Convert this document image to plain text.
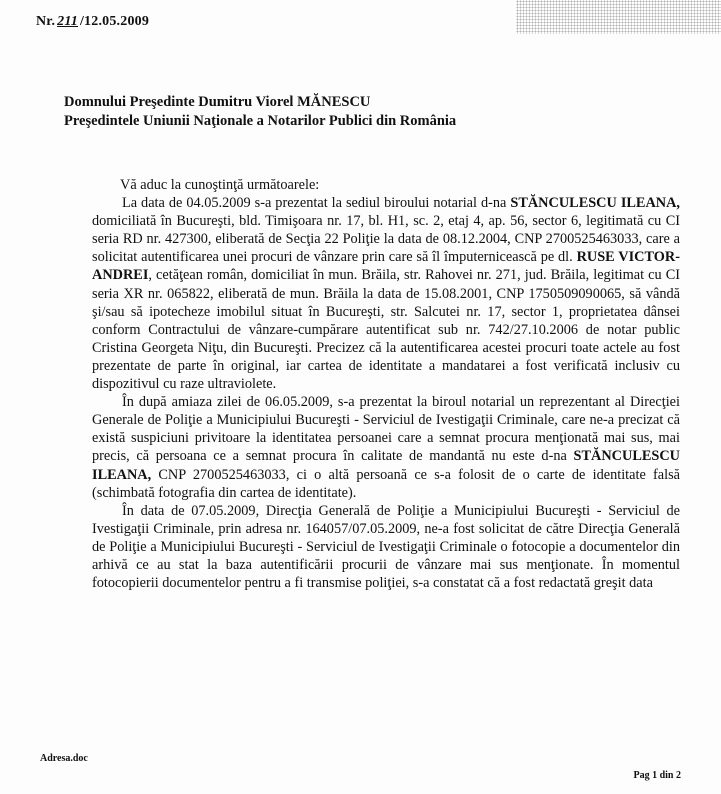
Nr. 211 /12.05.2009
Domnului Preşedinte Dumitru Viorel MĂNESCU
Preşedintele Uniunii Naţionale a Notarilor Publici din România

Vă aduc la cunoştinţă următoarele:

La data de 04.05.2009 s-a prezentat la sediul biroului notarial d-na STĂNCULESCU ILEANA, domiciliată în Bucureşti, bld. Timişoara nr. 17, bl. H1, sc. 2, etaj 4, ap. 56, sector 6, legitimată cu CI seria RD nr. 427300, eliberată de Secţia 22 Poliţie la data de 08.12.2004, CNP 2700525463033, care a solicitat autentificarea unei procuri de vânzare prin care să îl împuternicească pe dl. RUSE VICTOR-ANDREI, cetăţean român, domiciliat în mun. Brăila, str. Rahovei nr. 271, jud. Brăila, legitimat cu CI seria XR nr. 065822, eliberată de mun. Brăila la data de 15.08.2001, CNP 1750509090065, să vândă şi/sau să ipotecheze imobilul situat în Bucureşti, str. Salcutei nr. 17, sector 1, proprietatea dânsei conform Contractului de vânzare-cumpărare autentificat sub nr. 742/27.10.2006 de notar public Cristina Georgeta Niţu, din Bucureşti. Precizez că la autentificarea acestei procuri toate actele au fost prezentate de parte în original, iar cartea de identitate a mandatarei a fost verificată inclusiv cu dispozitivul cu raze ultraviolete.

În după amiaza zilei de 06.05.2009, s-a prezentat la biroul notarial un reprezentant al Direcţiei Generale de Poliţie a Municipiului Bucureşti - Serviciul de Ivestigaţii Criminale, care ne-a precizat că există suspiciuni privitoare la identitatea persoanei care a semnat procura menţionată mai sus, mai precis, că persoana ce a semnat procura în calitate de mandantă nu este d-na STĂNCULESCU ILEANA, CNP 2700525463033, ci o altă persoană ce s-a folosit de o carte de identitate falsă (schimbată fotografia din cartea de identitate).

În data de 07.05.2009, Direcţia Generală de Poliţie a Municipiului Bucureşti - Serviciul de Ivestigaţii Criminale, prin adresa nr. 164057/07.05.2009, ne-a fost solicitat de către Direcţia Generală de Poliţie a Municipiului Bucureşti - Serviciul de Ivestigaţii Criminale o fotocopie a documentelor din arhivă ce au stat la baza autentificării procurii de vânzare mai sus menţionate. În momentul fotocopierii documentelor pentru a fi transmise poliţiei, s-a constatat că a fost redactată greşit data

Adresa.doc
Pag 1 din 2
